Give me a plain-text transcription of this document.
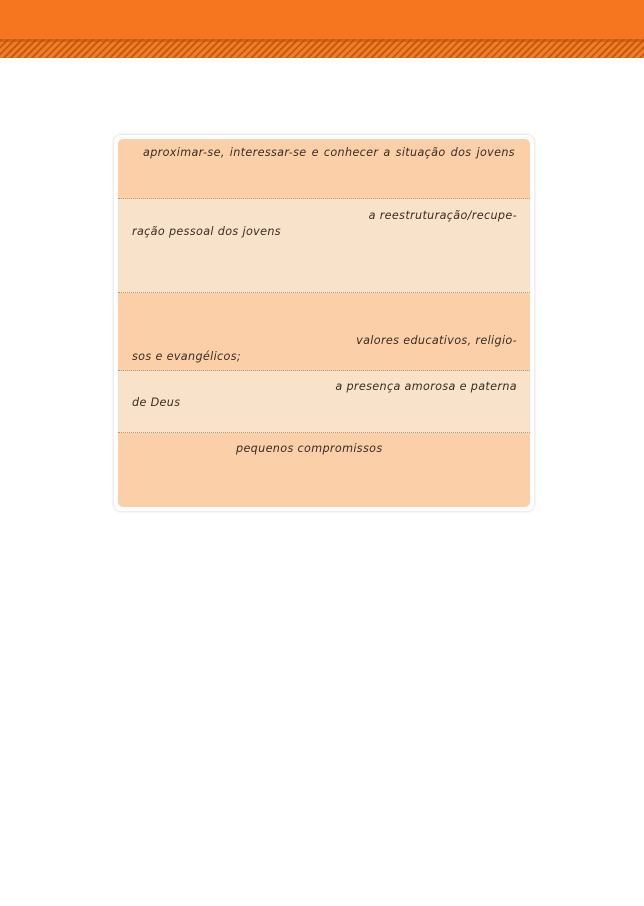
aproximar-se, interessar-se e conhecer a situação dos jovens
a reestruturação/recupe-
ração pessoal dos jovens
valores educativos, religio-
sos e evangélicos;
a presença amorosa e paterna
de Deus
pequenos compromissos
